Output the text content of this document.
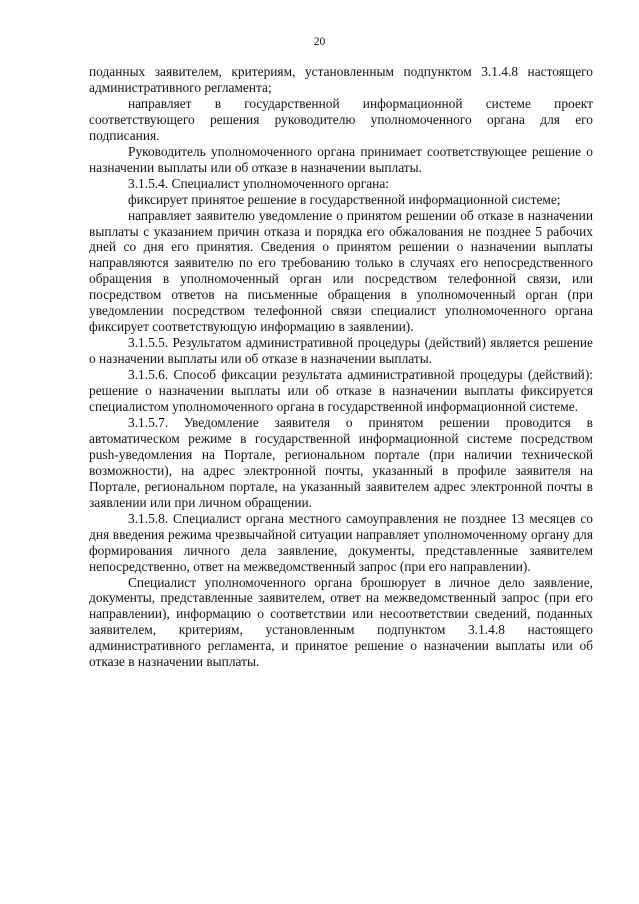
20

поданных заявителем, критериям, установленным подпунктом 3.1.4.8 настоящего административного регламента;

направляет в государственной информационной системе проект соответствующего решения руководителю уполномоченного органа для его подписания.

Руководитель уполномоченного органа принимает соответствующее решение о назначении выплаты или об отказе в назначении выплаты.

3.1.5.4. Специалист уполномоченного органа:

фиксирует принятое решение в государственной информационной системе;

направляет заявителю уведомление о принятом решении об отказе в назначении выплаты с указанием причин отказа и порядка его обжалования не позднее 5 рабочих дней со дня его принятия. Сведения о принятом решении о назначении выплаты направляются заявителю по его требованию только в случаях его непосредственного обращения в уполномоченный орган или посредством телефонной связи, или посредством ответов на письменные обращения в уполномоченный орган (при уведомлении посредством телефонной связи специалист уполномоченного органа фиксирует соответствующую информацию в заявлении).

3.1.5.5. Результатом административной процедуры (действий) является решение о назначении выплаты или об отказе в назначении выплаты.

3.1.5.6. Способ фиксации результата административной процедуры (действий): решение о назначении выплаты или об отказе в назначении выплаты фиксируется специалистом уполномоченного органа в государственной информационной системе.

3.1.5.7. Уведомление заявителя о принятом решении проводится в автоматическом режиме в государственной информационной системе посредством push-уведомления на Портале, региональном портале (при наличии технической возможности), на адрес электронной почты, указанный в профиле заявителя на Портале, региональном портале, на указанный заявителем адрес электронной почты в заявлении или при личном обращении.

3.1.5.8. Специалист органа местного самоуправления не позднее 13 месяцев со дня введения режима чрезвычайной ситуации направляет уполномоченному органу для формирования личного дела заявление, документы, представленные заявителем непосредственно, ответ на межведомственный запрос (при его направлении).

Специалист уполномоченного органа брошюрует в личное дело заявление, документы, представленные заявителем, ответ на межведомственный запрос (при его направлении), информацию о соответствии или несоответствии сведений, поданных заявителем, критериям, установленным подпунктом 3.1.4.8 настоящего административного регламента, и принятое решение о назначении выплаты или об отказе в назначении выплаты.
